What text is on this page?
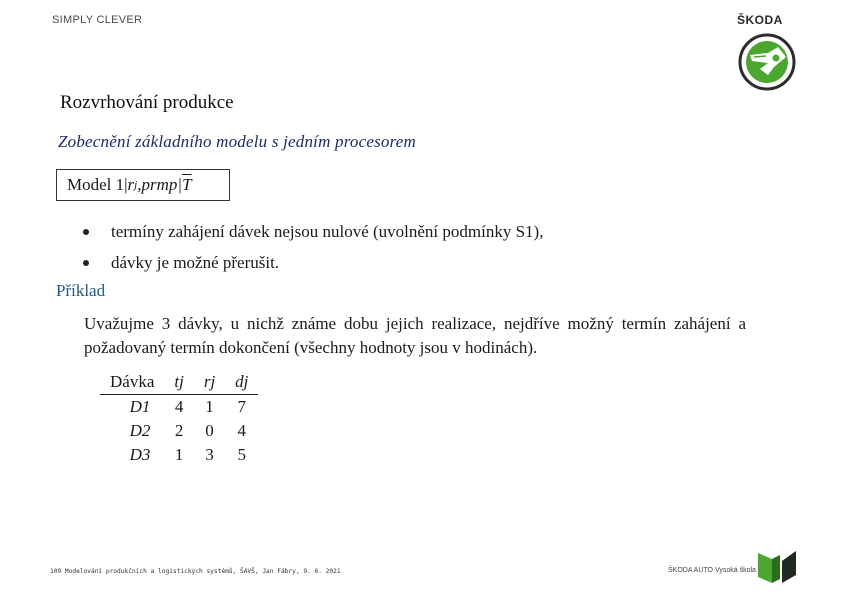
SIMPLY CLEVER	ŠKODA
Rozvrhování produkce
Zobecnění základního modelu s jedním procesorem
Model 1| r j ,prmp| $\overline{T}$
termíny zahájení dávek nejsou nulové (uvolnění podmínky S1),
dávky je možné přerušit.
Příklad
Uvažujme 3 dávky, u nichž známe dobu jejich realizace, nejdříve možný termín zahájení a požadovaný termín dokončení (všechny hodnoty jsou v hodinách).
Dávka	tj	rj	dj
D1	4	1	7
D2	2	0	4
D3	1	3	5
109 Modelování produkčních a logistických systémů, ŠAVŠ, Jan Fábry, 9. 6. 2021	ŠKODA AUTO Vysoká škola
